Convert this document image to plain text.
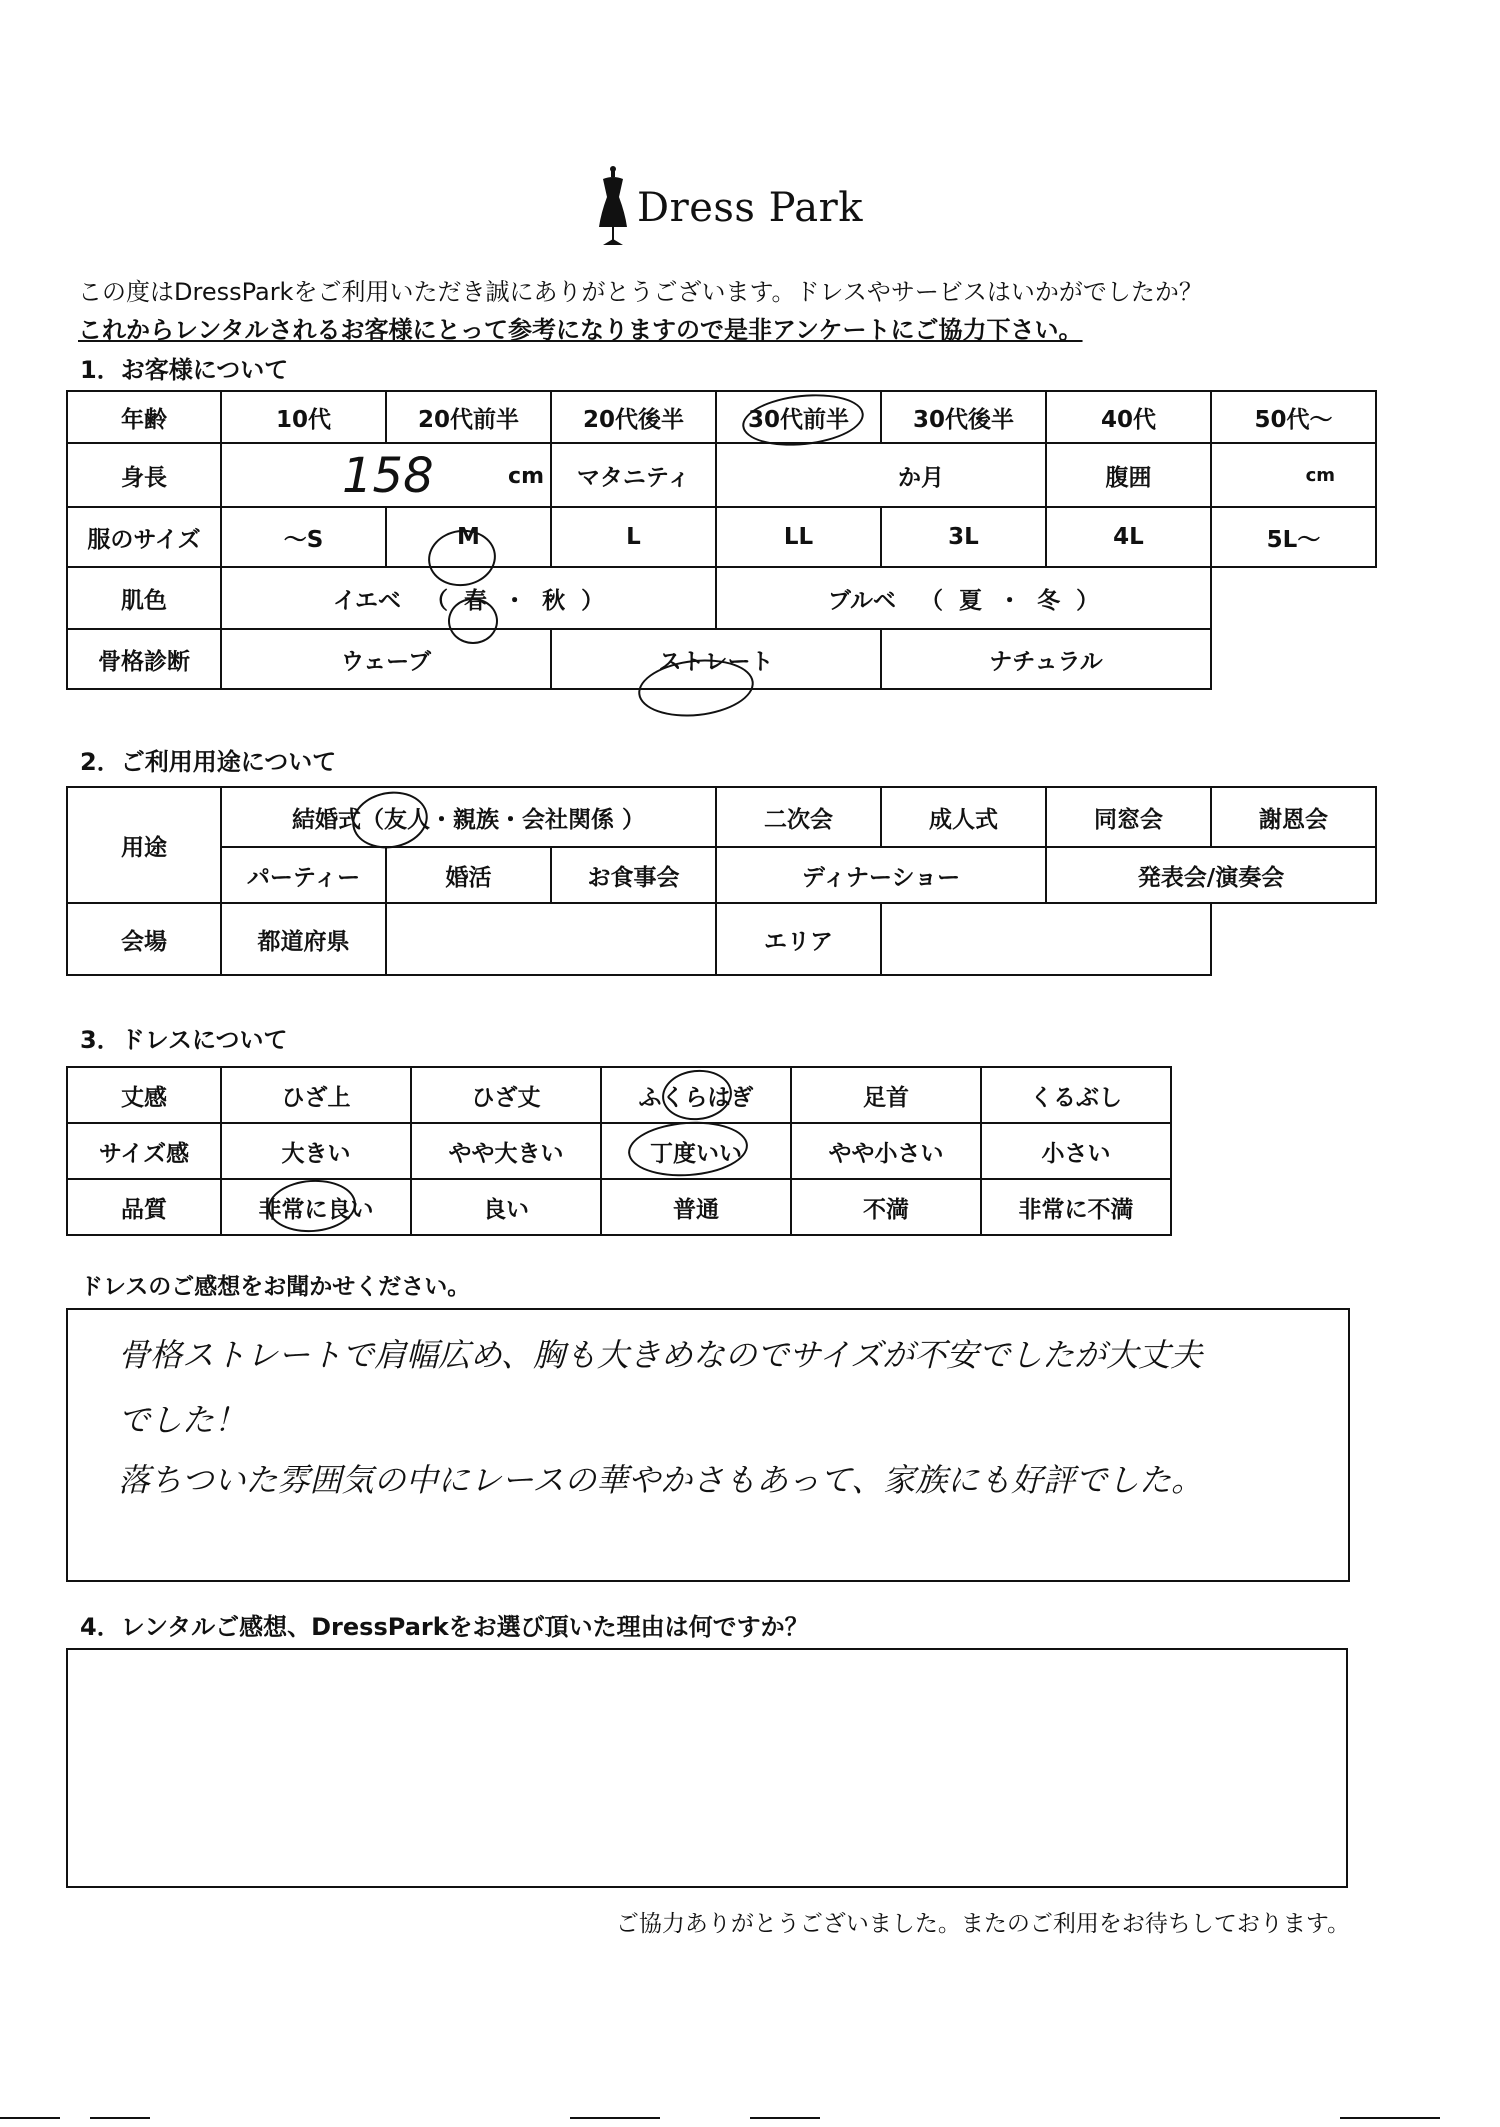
Dress Park
この度はDressParkをご利用いただき誠にありがとうございます。ドレスやサービスはいかがでしたか？
これからレンタルされるお客様にとって参考になりますので是非アンケートにご協力下さい。
1．お客様について
年齢	10代	20代前半	20代後半	30代前半	30代後半	40代	50代～
身長	158 cm		マタニティ	か月		腹囲	cm
服のサイズ	～S	M	L	LL	3L	4L	5L～
肌色	イエベ （ 春 ・ 秋 ）			ブルベ （ 夏 ・ 冬 ）			
骨格診断	ウェーブ		ストレート		ナチュラル		
2．ご利用用途について
用途	結婚式（友人・親族・会社関係 ）			二次会	成人式	同窓会	謝恩会
	パーティー	婚活	お食事会	ディナーショー		発表会/演奏会	
会場	都道府県			エリア			
3．ドレスについて
丈感	ひざ上	ひざ丈	ふくらはぎ	足首	くるぶし
サイズ感	大きい	やや大きい	丁度いい	やや小さい	小さい
品質	非常に良い	良い	普通	不満	非常に不満
ドレスのご感想をお聞かせください。
骨格ストレートで肩幅広め、胸も大きめなのでサイズが不安でしたが大丈夫
でした！
落ちついた雰囲気の中にレースの華やかさもあって、家族にも好評でした。
4．レンタルご感想、DressParkをお選び頂いた理由は何ですか？
ご協力ありがとうございました。またのご利用をお待ちしております。
